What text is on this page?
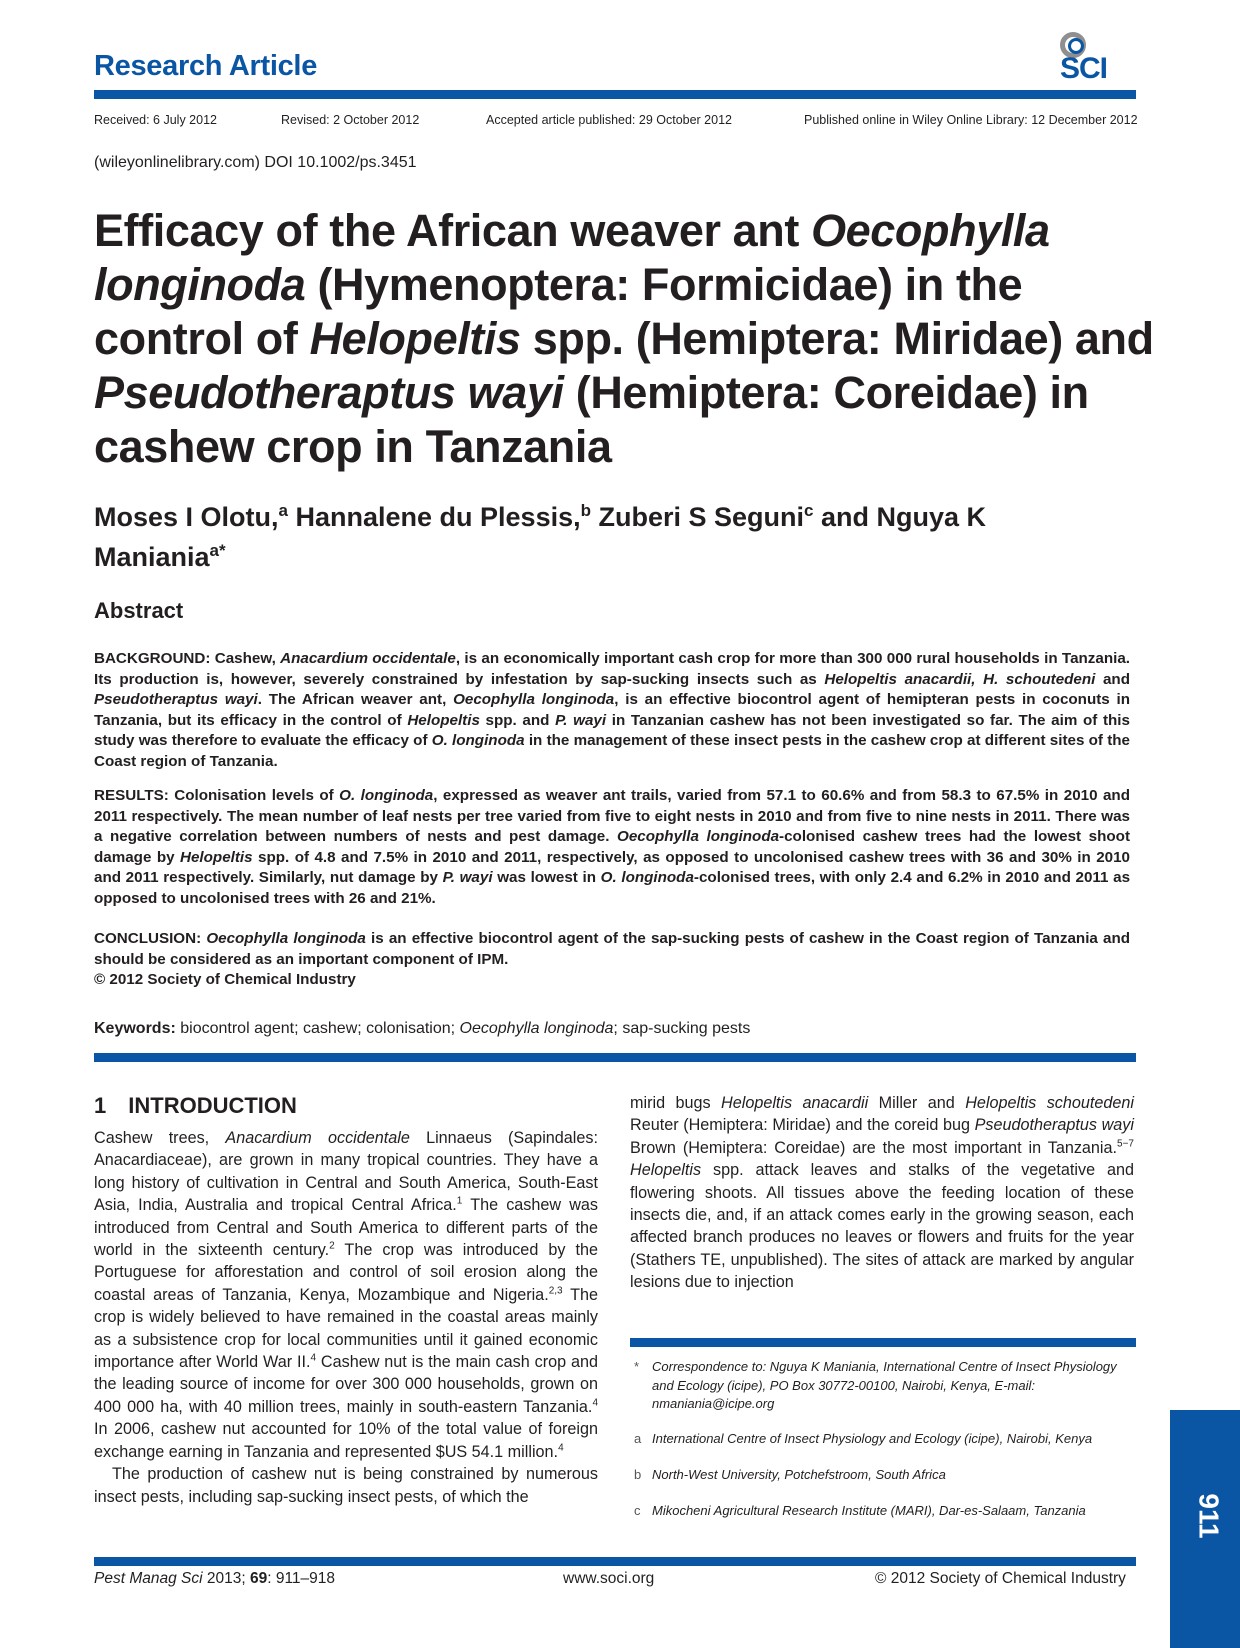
Research Article	SCI
Received: 6 July 2012	Revised: 2 October 2012	Accepted article published: 29 October 2012	Published online in Wiley Online Library: 12 December 2012
(wileyonlinelibrary.com) DOI 10.1002/ps.3451
Efficacy of the African weaver ant Oecophylla longinoda (Hymenoptera: Formicidae) in the control of Helopeltis spp. (Hemiptera: Miridae) and Pseudotheraptus wayi (Hemiptera: Coreidae) in cashew crop in Tanzania

Moses I Olotu,$^a$ Hannalene du Plessis,$^b$ Zuberi S Seguni$^c$ and Nguya K Maniania$^{a*}$

Abstract

BACKGROUND: Cashew, Anacardium occidentale, is an economically important cash crop for more than 300 000 rural households in Tanzania. Its production is, however, severely constrained by infestation by sap-sucking insects such as Helopeltis anacardii, H. schoutedeni and Pseudotheraptus wayi. The African weaver ant, Oecophylla longinoda, is an effective biocontrol agent of hemipteran pests in coconuts in Tanzania, but its efficacy in the control of Helopeltis spp. and P. wayi in Tanzanian cashew has not been investigated so far. The aim of this study was therefore to evaluate the efficacy of O. longinoda in the management of these insect pests in the cashew crop at different sites of the Coast region of Tanzania.

RESULTS: Colonisation levels of O. longinoda, expressed as weaver ant trails, varied from 57.1 to 60.6% and from 58.3 to 67.5% in 2010 and 2011 respectively. The mean number of leaf nests per tree varied from five to eight nests in 2010 and from five to nine nests in 2011. There was a negative correlation between numbers of nests and pest damage. Oecophylla longinoda-colonised cashew trees had the lowest shoot damage by Helopeltis spp. of 4.8 and 7.5% in 2010 and 2011, respectively, as opposed to uncolonised cashew trees with 36 and 30% in 2010 and 2011 respectively. Similarly, nut damage by P. wayi was lowest in O. longinoda-colonised trees, with only 2.4 and 6.2% in 2010 and 2011 as opposed to uncolonised trees with 26 and 21%.

CONCLUSION: Oecophylla longinoda is an effective biocontrol agent of the sap-sucking pests of cashew in the Coast region of Tanzania and should be considered as an important component of IPM.
© 2012 Society of Chemical Industry

Keywords: biocontrol agent; cashew; colonisation; Oecophylla longinoda; sap-sucking pests
1 INTRODUCTION
Cashew trees, Anacardium occidentale Linnaeus (Sapindales: Anacardiaceae), are grown in many tropical countries. They have a long history of cultivation in Central and South America, South-East Asia, India, Australia and tropical Central Africa.$^1$ The cashew was introduced from Central and South America to different parts of the world in the sixteenth century.$^2$ The crop was introduced by the Portuguese for afforestation and control of soil erosion along the coastal areas of Tanzania, Kenya, Mozambique and Nigeria.$^{2,3}$ The crop is widely believed to have remained in the coastal areas mainly as a subsistence crop for local communities until it gained economic importance after World War II.$^4$ Cashew nut is the main cash crop and the leading source of income for over 300 000 households, grown on 400 000 ha, with 40 million trees, mainly in south-eastern Tanzania.$^4$ In 2006, cashew nut accounted for 10% of the total value of foreign exchange earning in Tanzania and represented $US 54.1 million.$^4$
The production of cashew nut is being constrained by numerous insect pests, including sap-sucking insect pests, of which the
mirid bugs Helopeltis anacardii Miller and Helopeltis schoutedeni Reuter (Hemiptera: Miridae) and the coreid bug Pseudotheraptus wayi Brown (Hemiptera: Coreidae) are the most important in Tanzania.$^{5-7}$ Helopeltis spp. attack leaves and stalks of the vegetative and flowering shoots. All tissues above the feeding location of these insects die, and, if an attack comes early in the growing season, each affected branch produces no leaves or flowers and fruits for the year (Stathers TE, unpublished). The sites of attack are marked by angular lesions due to injection
* Correspondence to: Nguya K Maniania, International Centre of Insect Physiology and Ecology (icipe), PO Box 30772-00100, Nairobi, Kenya, E-mail: nmaniania@icipe.org
a International Centre of Insect Physiology and Ecology (icipe), Nairobi, Kenya
b North-West University, Potchefstroom, South Africa
c Mikocheni Agricultural Research Institute (MARI), Dar-es-Salaam, Tanzania	911
Pest Manag Sci 2013; 69: 911–918	www.soci.org	© 2012 Society of Chemical Industry
